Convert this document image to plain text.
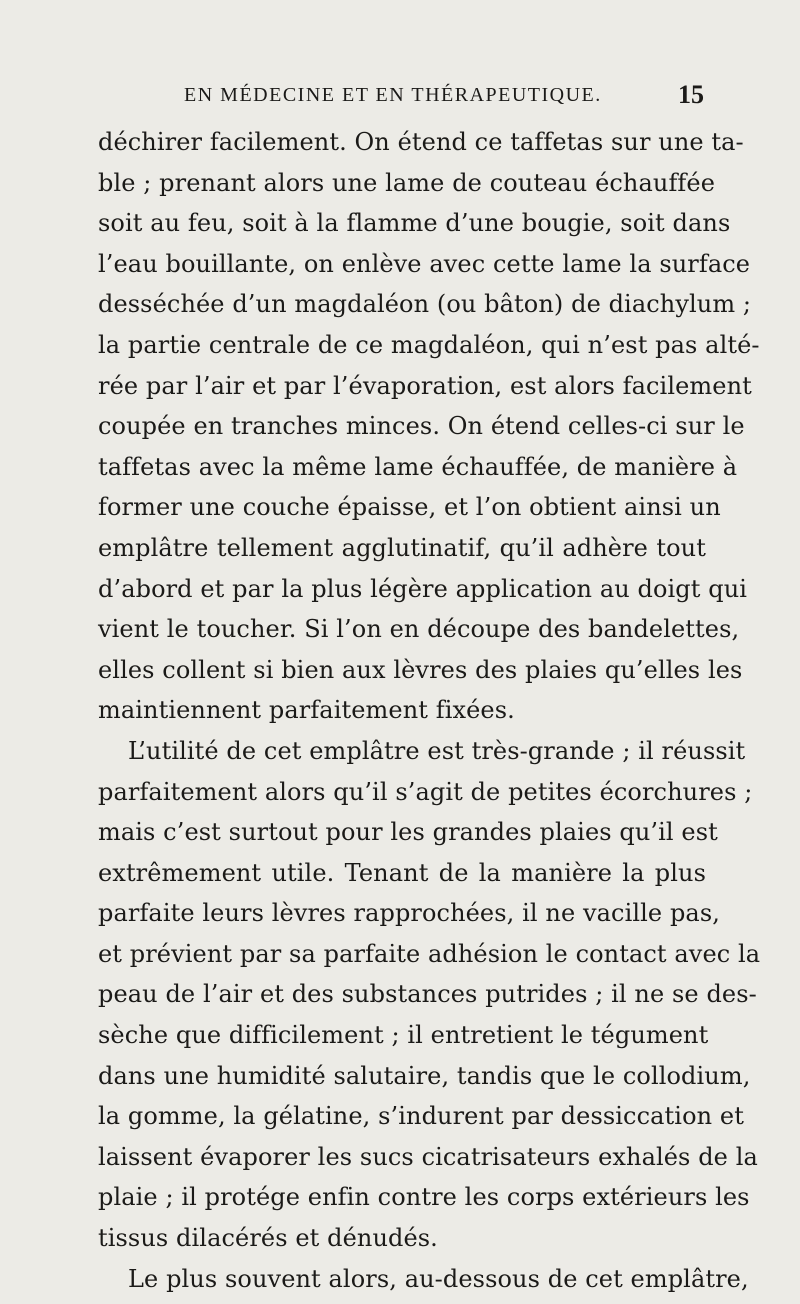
EN MÉDECINE ET EN THÉRAPEUTIQUE.	15
déchirer facilement. On étend ce taffetas sur une ta-
ble ; prenant alors une lame de couteau échauffée
soit au feu, soit à la flamme d’une bougie, soit dans
l’eau bouillante, on enlève avec cette lame la surface
desséchée d’un magdaléon (ou bâton) de diachylum ;
la partie centrale de ce magdaléon, qui n’est pas alté-
rée par l’air et par l’évaporation, est alors facilement
coupée en tranches minces. On étend celles-ci sur le
taffetas avec la même lame échauffée, de manière à
former une couche épaisse, et l’on obtient ainsi un
emplâtre tellement agglutinatif, qu’il adhère tout
d’abord et par la plus légère application au doigt qui
vient le toucher. Si l’on en découpe des bandelettes,
elles collent si bien aux lèvres des plaies qu’elles les
maintiennent parfaitement fixées.
L’utilité de cet emplâtre est très-grande ; il réussit
parfaitement alors qu’il s’agit de petites écorchures ;
mais c’est surtout pour les grandes plaies qu’il est
extrêmement utile. Tenant de la manière la plus
parfaite leurs lèvres rapprochées, il ne vacille pas,
et prévient par sa parfaite adhésion le contact avec la
peau de l’air et des substances putrides ; il ne se des-
sèche que difficilement ; il entretient le tégument
dans une humidité salutaire, tandis que le collodium,
la gomme, la gélatine, s’indurent par dessiccation et
laissent évaporer les sucs cicatrisateurs exhalés de la
plaie ; il protége enfin contre les corps extérieurs les
tissus dilacérés et dénudés.
Le plus souvent alors, au-dessous de cet emplâtre,
